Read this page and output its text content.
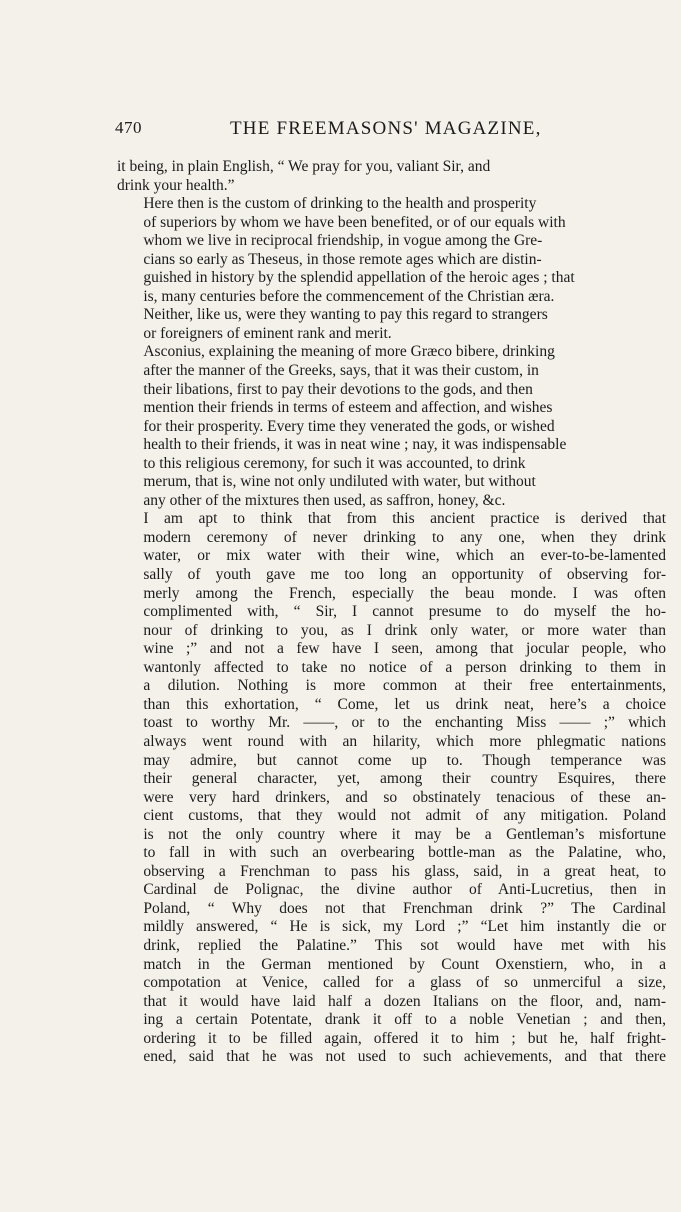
470	THE FREEMASONS' MAGAZINE,

it being, in plain English, “ We pray for you, valiant Sir, and
drink your health.”

Here then is the custom of drinking to the health and prosperity
of superiors by whom we have been benefited, or of our equals with
whom we live in reciprocal friendship, in vogue among the Gre-
cians so early as Theseus, in those remote ages which are distin-
guished in history by the splendid appellation of the heroic ages ; that
is, many centuries before the commencement of the Christian æra.
Neither, like us, were they wanting to pay this regard to strangers
or foreigners of eminent rank and merit.

Asconius, explaining the meaning of more Græco bibere, drinking
after the manner of the Greeks, says, that it was their custom, in
their libations, first to pay their devotions to the gods, and then
mention their friends in terms of esteem and affection, and wishes
for their prosperity. Every time they venerated the gods, or wished
health to their friends, it was in neat wine ; nay, it was indispensable
to this religious ceremony, for such it was accounted, to drink
merum, that is, wine not only undiluted with water, but without
any other of the mixtures then used, as saffron, honey, &c.

I am apt to think that from this ancient practice is derived that
modern ceremony of never drinking to any one, when they drink
water, or mix water with their wine, which an ever-to-be-lamented
sally of youth gave me too long an opportunity of observing for-
merly among the French, especially the beau monde. I was often
complimented with, “ Sir, I cannot presume to do myself the ho-
nour of drinking to you, as I drink only water, or more water than
wine ;” and not a few have I seen, among that jocular people, who
wantonly affected to take no notice of a person drinking to them in
a dilution. Nothing is more common at their free entertainments,
than this exhortation, “ Come, let us drink neat, here’s a choice
toast to worthy Mr. ——, or to the enchanting Miss —— ;” which
always went round with an hilarity, which more phlegmatic nations
may admire, but cannot come up to. Though temperance was
their general character, yet, among their country Esquires, there
were very hard drinkers, and so obstinately tenacious of these an-
cient customs, that they would not admit of any mitigation. Poland
is not the only country where it may be a Gentleman’s misfortune
to fall in with such an overbearing bottle-man as the Palatine, who,
observing a Frenchman to pass his glass, said, in a great heat, to
Cardinal de Polignac, the divine author of Anti-Lucretius, then in
Poland, “ Why does not that Frenchman drink ?” The Cardinal
mildly answered, “ He is sick, my Lord ;” “Let him instantly die or
drink, replied the Palatine.” This sot would have met with his
match in the German mentioned by Count Oxenstiern, who, in a
compotation at Venice, called for a glass of so unmerciful a size,
that it would have laid half a dozen Italians on the floor, and, nam-
ing a certain Potentate, drank it off to a noble Venetian ; and then,
ordering it to be filled again, offered it to him ; but he, half fright-
ened, said that he was not used to such achievements, and that there
